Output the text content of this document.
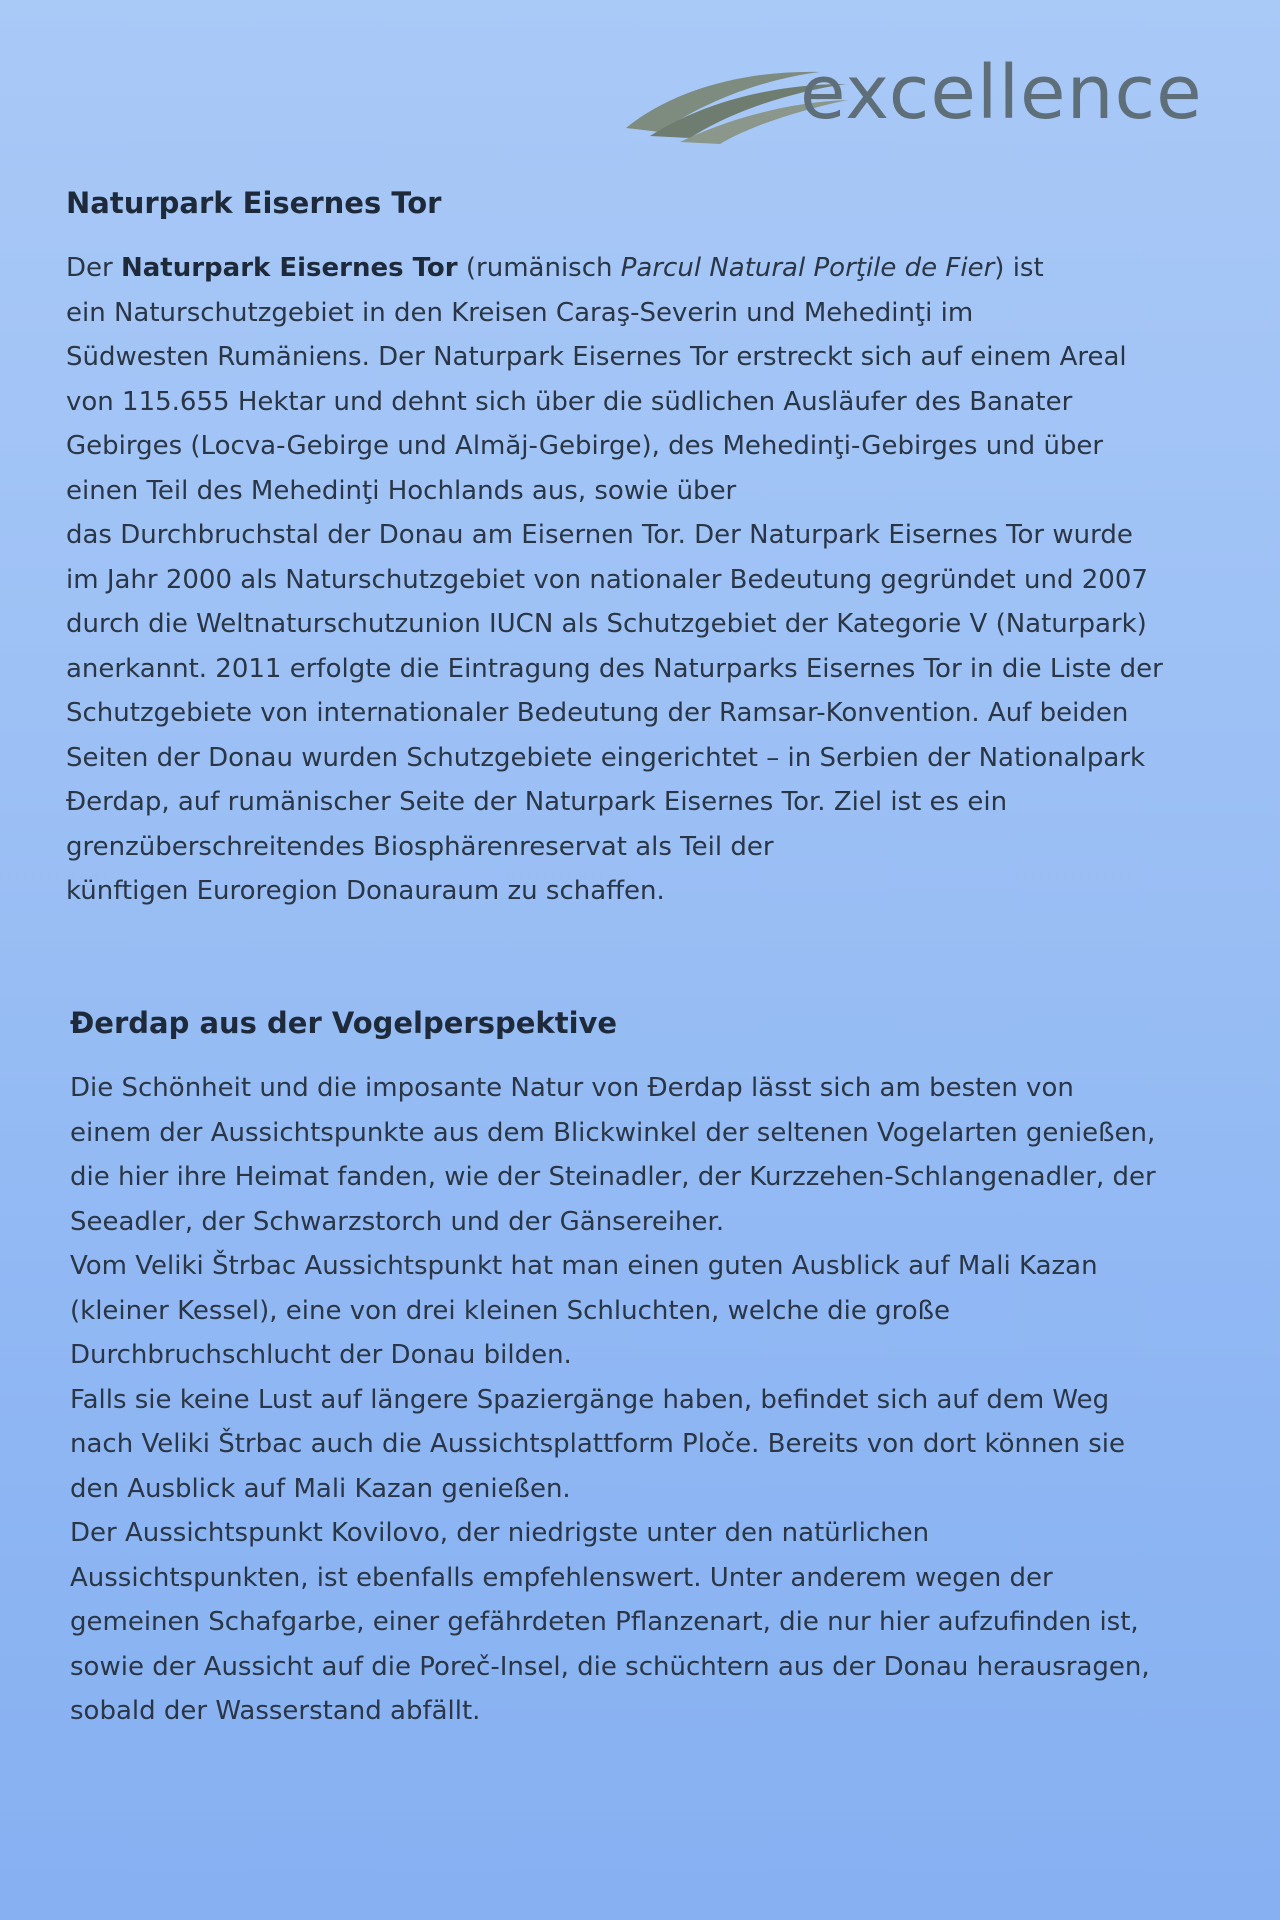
excellence
Naturpark Eisernes Tor
Der Naturpark Eisernes Tor (rumänisch Parcul Natural Porţile de Fier) ist
ein Naturschutzgebiet in den Kreisen Caraş-Severin und Mehedinţi im
Südwesten Rumäniens. Der Naturpark Eisernes Tor erstreckt sich auf einem Areal
von 115.655 Hektar und dehnt sich über die südlichen Ausläufer des Banater
Gebirges (Locva-Gebirge und Almăj-Gebirge), des Mehedinţi-Gebirges und über
einen Teil des Mehedinţi Hochlands aus, sowie über
das Durchbruchstal der Donau am Eisernen Tor. Der Naturpark Eisernes Tor wurde
im Jahr 2000 als Naturschutzgebiet von nationaler Bedeutung gegründet und 2007
durch die Weltnaturschutzunion IUCN als Schutzgebiet der Kategorie V (Naturpark)
anerkannt. 2011 erfolgte die Eintragung des Naturparks Eisernes Tor in die Liste der
Schutzgebiete von internationaler Bedeutung der Ramsar-Konvention. Auf beiden
Seiten der Donau wurden Schutzgebiete eingerichtet – in Serbien der Nationalpark
Đerdap, auf rumänischer Seite der Naturpark Eisernes Tor. Ziel ist es ein
grenzüberschreitendes Biosphärenreservat als Teil der
künftigen Euroregion Donauraum zu schaffen.
Đerdap aus der Vogelperspektive
Die Schönheit und die imposante Natur von Đerdap lässt sich am besten von
einem der Aussichtspunkte aus dem Blickwinkel der seltenen Vogelarten genießen,
die hier ihre Heimat fanden, wie der Steinadler, der Kurzzehen-Schlangenadler, der
Seeadler, der Schwarzstorch und der Gänsereiher.
Vom Veliki Štrbac Aussichtspunkt hat man einen guten Ausblick auf Mali Kazan
(kleiner Kessel), eine von drei kleinen Schluchten, welche die große
Durchbruchschlucht der Donau bilden.
Falls sie keine Lust auf längere Spaziergänge haben, befindet sich auf dem Weg
nach Veliki Štrbac auch die Aussichtsplattform Ploče. Bereits von dort können sie
den Ausblick auf Mali Kazan genießen.
Der Aussichtspunkt Kovilovo, der niedrigste unter den natürlichen
Aussichtspunkten, ist ebenfalls empfehlenswert. Unter anderem wegen der
gemeinen Schafgarbe, einer gefährdeten Pflanzenart, die nur hier aufzufinden ist,
sowie der Aussicht auf die Poreč-Insel, die schüchtern aus der Donau herausragen,
sobald der Wasserstand abfällt.
